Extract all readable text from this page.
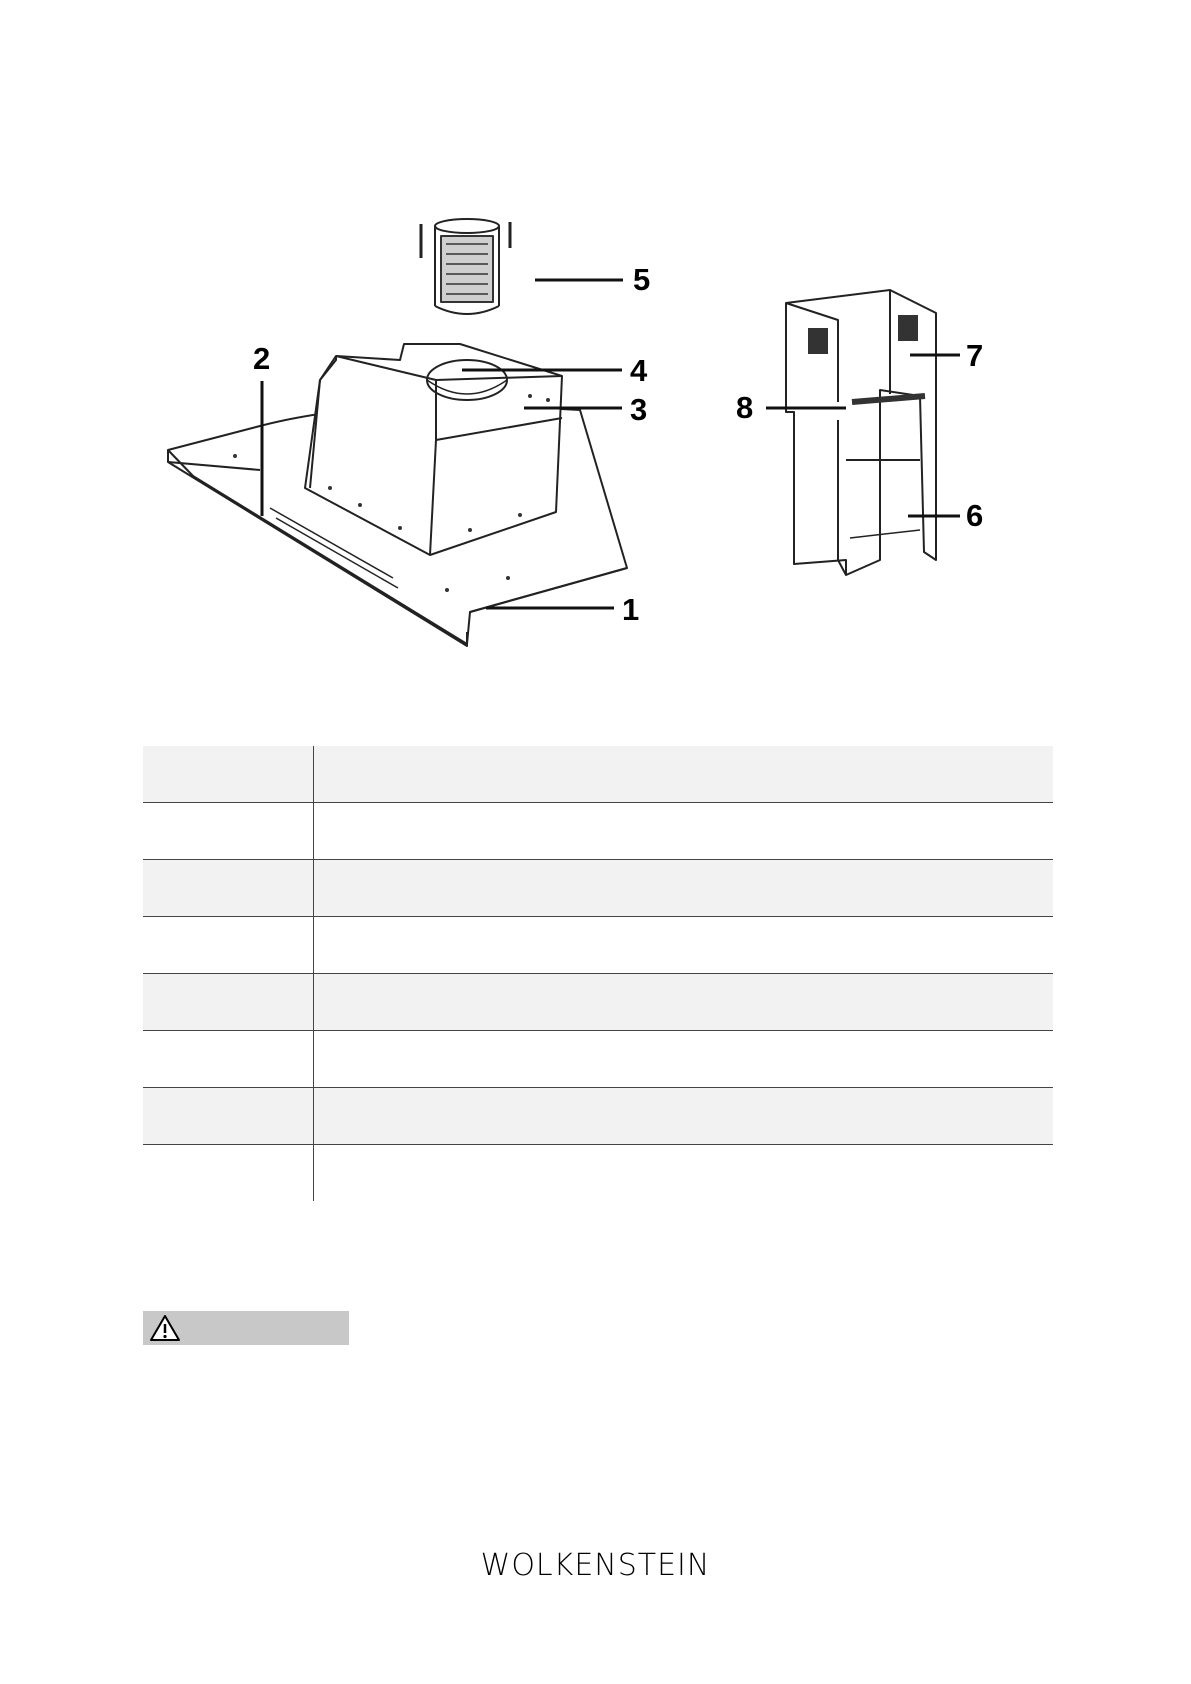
5
2	4
3
1
7
8
6

WOLKENSTEIN
